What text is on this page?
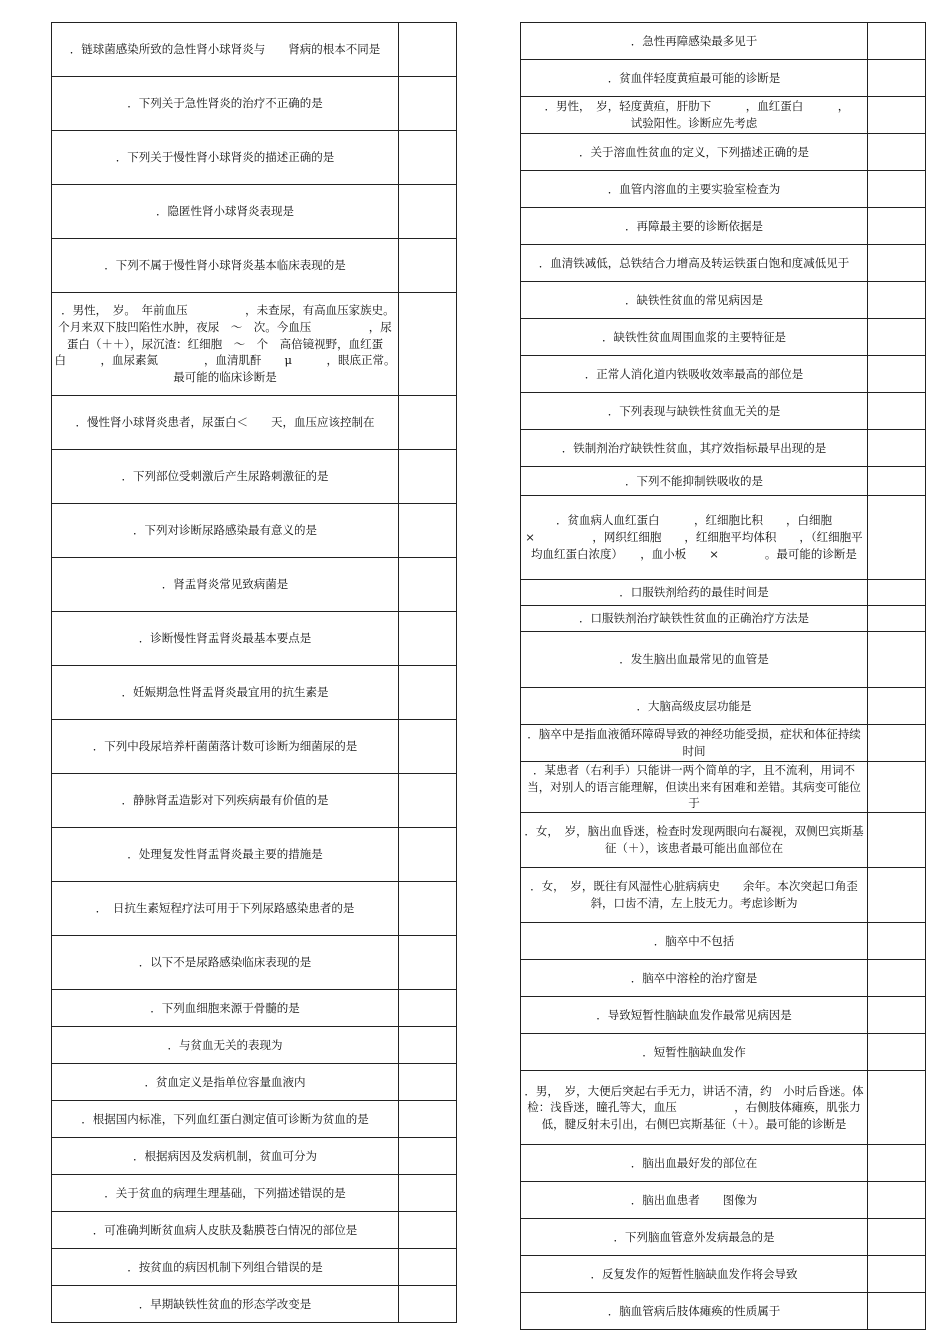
．链球菌感染所致的急性肾小球肾炎与　　肾病的根本不同是	
．下列关于急性肾炎的治疗不正确的是	
．下列关于慢性肾小球肾炎的描述正确的是	
．隐匿性肾小球肾炎表现是	
．下列不属于慢性肾小球肾炎基本临床表现的是	
．男性，　岁。　年前血压　　　　　，未查尿，有高血压家族史。　个月来双下肢凹陷性水肿，夜尿　～　次。今血压　　　　　，尿蛋白（＋＋），尿沉渣：红细胞　～　个　高倍镜视野，血红蛋白　　　，血尿素氮　　　　，血清肌酐　　μ　　　，眼底正常。最可能的临床诊断是	
．慢性肾小球肾炎患者，尿蛋白＜　　天，血压应该控制在	
．下列部位受刺激后产生尿路刺激征的是	
．下列对诊断尿路感染最有意义的是	
．肾盂肾炎常见致病菌是	
．诊断慢性肾盂肾炎最基本要点是	
．妊娠期急性肾盂肾炎最宜用的抗生素是	
．下列中段尿培养杆菌菌落计数可诊断为细菌尿的是	
．静脉肾盂造影对下列疾病最有价值的是	
．处理复发性肾盂肾炎最主要的措施是	
．　日抗生素短程疗法可用于下列尿路感染患者的是	
．以下不是尿路感染临床表现的是	
．下列血细胞来源于骨髓的是	
．与贫血无关的表现为	
．贫血定义是指单位容量血液内	
．根据国内标准，下列血红蛋白测定值可诊断为贫血的是	
．根据病因及发病机制，贫血可分为	
．关于贫血的病理生理基础，下列描述错误的是	
．可准确判断贫血病人皮肤及黏膜苍白情况的部位是	
．按贫血的病因机制下列组合错误的是	
．早期缺铁性贫血的形态学改变是	
．急性再障感染最多见于	
．贫血伴轻度黄疸最可能的诊断是	
．男性，　岁，轻度黄疸，肝肋下　　　，血红蛋白　　　，　　　　试验阳性。诊断应先考虑	
．关于溶血性贫血的定义，下列描述正确的是	
．血管内溶血的主要实验室检查为	
．再障最主要的诊断依据是	
．血清铁减低，总铁结合力增高及转运铁蛋白饱和度减低见于	
．缺铁性贫血的常见病因是	
．缺铁性贫血周围血浆的主要特征是	
．正常人消化道内铁吸收效率最高的部位是	
．下列表现与缺铁性贫血无关的是	
．铁制剂治疗缺铁性贫血，其疗效指标最早出现的是	
．下列不能抑制铁吸收的是	
．贫血病人血红蛋白　　　，红细胞比积　　，白细胞　　×　　　　　，网织红细胞　　，红细胞平均体积　　，（红细胞平均血红蛋白浓度）　　，血小板　　×　　　　。最可能的诊断是	
．口服铁剂给药的最佳时间是	
．口服铁剂治疗缺铁性贫血的正确治疗方法是	
．发生脑出血最常见的血管是	
．大脑高级皮层功能是	
．脑卒中是指血液循环障碍导致的神经功能受损，症状和体征持续时间	
．某患者（右利手）只能讲一两个简单的字，且不流利，用词不当，对别人的语言能理解，但读出来有困难和差错。其病变可能位于	
．女，　岁，脑出血昏迷，检查时发现两眼向右凝视，双侧巴宾斯基征（＋），该患者最可能出血部位在	
．女，　岁，既往有风湿性心脏病病史　　余年。本次突起口角歪斜，口齿不清，左上肢无力。考虑诊断为	
．脑卒中不包括	
．脑卒中溶栓的治疗窗是	
．导致短暂性脑缺血发作最常见病因是	
．短暂性脑缺血发作	
．男，　岁，大便后突起右手无力，讲话不清，约　小时后昏迷。体检：浅昏迷，瞳孔等大，血压　　　　　，右侧肢体瘫痪，肌张力低，腱反射未引出，右侧巴宾斯基征（＋）。最可能的诊断是	
．脑出血最好发的部位在	
．脑出血患者　　图像为	
．下列脑血管意外发病最急的是	
．反复发作的短暂性脑缺血发作将会导致	
．脑血管病后肢体瘫痪的性质属于	
